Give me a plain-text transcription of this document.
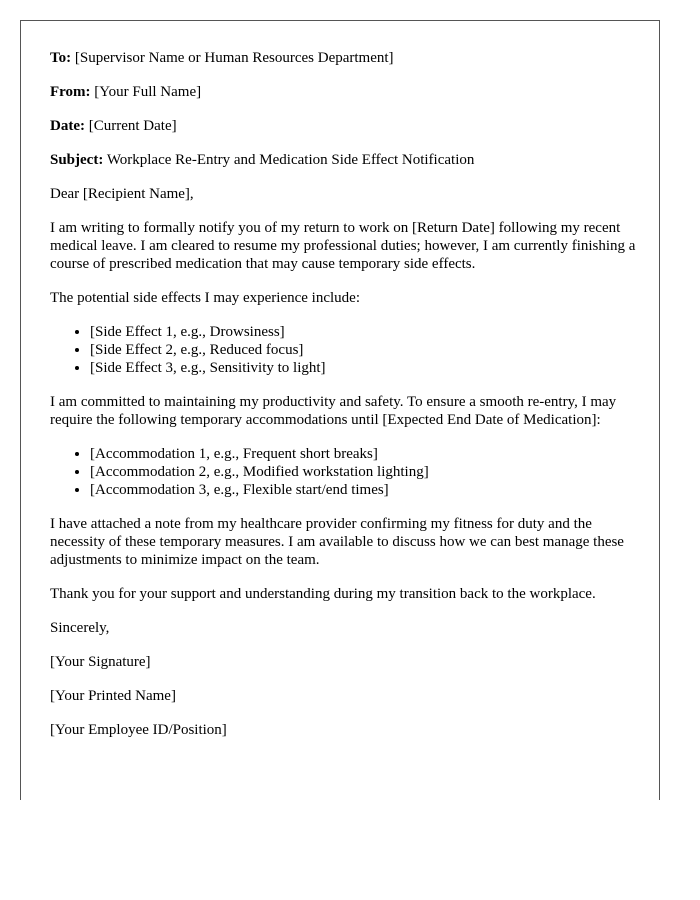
To: [Supervisor Name or Human Resources Department]

From: [Your Full Name]

Date: [Current Date]

Subject: Workplace Re-Entry and Medication Side Effect Notification

Dear [Recipient Name],

I am writing to formally notify you of my return to work on [Return Date] following my recent medical leave. I am cleared to resume my professional duties; however, I am currently finishing a course of prescribed medication that may cause temporary side effects.

The potential side effects I may experience include:

• [Side Effect 1, e.g., Drowsiness]
• [Side Effect 2, e.g., Reduced focus]
• [Side Effect 3, e.g., Sensitivity to light]

I am committed to maintaining my productivity and safety. To ensure a smooth re-entry, I may require the following temporary accommodations until [Expected End Date of Medication]:

• [Accommodation 1, e.g., Frequent short breaks]
• [Accommodation 2, e.g., Modified workstation lighting]
• [Accommodation 3, e.g., Flexible start/end times]

I have attached a note from my healthcare provider confirming my fitness for duty and the necessity of these temporary measures. I am available to discuss how we can best manage these adjustments to minimize impact on the team.

Thank you for your support and understanding during my transition back to the workplace.

Sincerely,

[Your Signature]

[Your Printed Name]

[Your Employee ID/Position]
